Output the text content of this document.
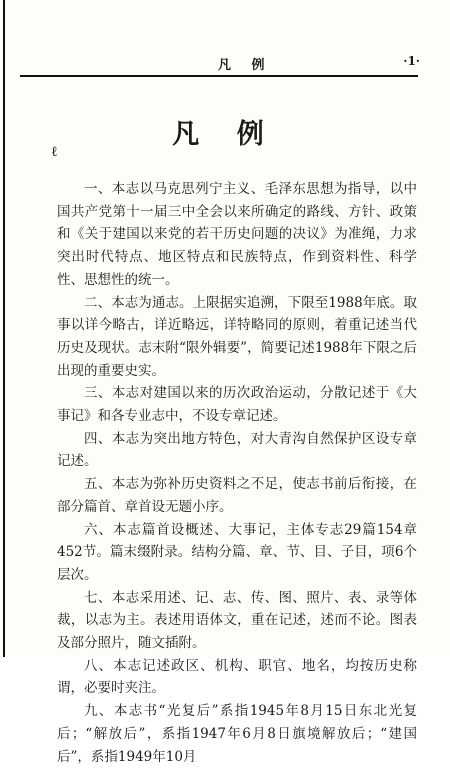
凡 例	·1·
凡 例
ℓ

一、本志以马克思列宁主义、毛泽东思想为指导，以中国共产党第十一届三中全会以来所确定的路线、方针、政策和《关于建国以来党的若干历史问题的决议》为准绳，力求突出时代特点、地区特点和民族特点，作到资料性、科学性、思想性的统一。

二、本志为通志。上限据实追溯，下限至1988年底。取事以详今略古，详近略远，详特略同的原则，着重记述当代历史及现状。志末附“限外辑要”，简要记述1988年下限之后出现的重要史实。

三、本志对建国以来的历次政治运动，分散记述于《大事记》和各专业志中，不设专章记述。

四、本志为突出地方特色，对大青沟自然保护区设专章记述。

五、本志为弥补历史资料之不足，使志书前后衔接，在部分篇首、章首设无题小序。

六、本志篇首设概述、大事记，主体专志29篇154章452节。篇末缀附录。结构分篇、章、节、目、子目，项6个层次。

七、本志采用述、记、志、传、图、照片、表、录等体裁，以志为主。表述用语体文，重在记述，述而不论。图表及部分照片，随文插附。

八、本志记述政区、机构、职官、地名，均按历史称谓，必要时夹注。

九、本志书“光复后”系指1945年8月15日东北光复后；“解放后”，系指1947年6月8日旗境解放后；“建国后”，系指1949年10月
